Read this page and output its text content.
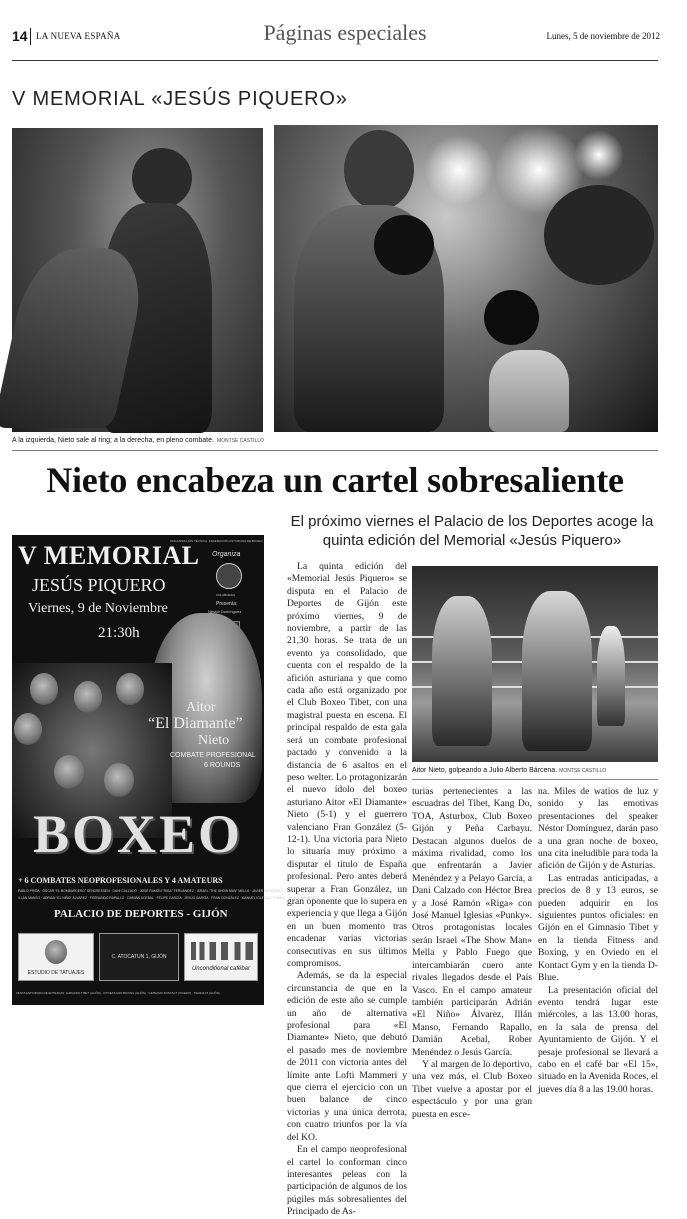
14 LA NUEVA ESPAÑA	Páginas especiales	Lunes, 5 de noviembre de 2012
V MEMORIAL «JESÚS PIQUERO»
A la izquierda, Nieto sale al ring; a la derecha, en pleno combate. MONTSE CASTILLO
Nieto encabeza un cartel sobresaliente
El próximo viernes el Palacio de los Deportes acoge la quinta edición del Memorial «Jesús Piquero»
V MEMORIAL
JESÚS PIQUERO
Viernes, 9 de Noviembre
21:30h
ORGANIZACIÓN TÉCNICA: FEDERACIÓN ASTURIANA DE BOXEO
Organiza
COLABORAN
Presenta:
Néstor Domínguez
Aitor
“El Diamante”
Nieto
COMBATE PROFESIONAL
6 ROUNDS
BOXEO
+ 6 COMBATES NEOPROFESIONALES Y 4 AMATEURS
PABLO PRIDA · ÓSCAR “EL BOMBARDERO” SENDRESSEN · DANI CALZADO · JOSÉ RAMÓN “RIGA” FERNÁNDEZ · ISRAEL “THE SHOW MAN” MELLA · JAVIER MENÉNDEZ
ILLÁN MANSO · ADRIÁN “EL NIÑO” ÁLVAREZ · FERNANDO RAPALLO · DAMIÁN ACEBAL · FELIPE GARCÍA · JESÚS GARCÍA · FRAN GONZÁLEZ · MANUEL IGLESIAS “PUNKY” · JORGE MENÉNDEZ
PALACIO DE DEPORTES - GIJÓN
ESTUDIO DE TATUAJES
C. ATOCATUN 1, GIJÓN
Unconditional cafébar
VENTA ANTICIPADA DE ENTRADAS: GIMNASIO TIBET (GIJÓN) · FITNESS AND BOXING (GIJÓN) · GIMNASIO KONTACT (OVIEDO) · TIENDA 15 (GIJÓN)
Aitor Nieto, golpeando a Julio Alberto Bárcena. MONTSE CASTILLO

La quinta edición del «Memorial Jesús Piquero» se disputa en el Palacio de Deportes de Gijón este próximo viernes, 9 de noviembre, a partir de las 21,30 horas. Se trata de un evento ya consolidado, que cuenta con el respaldo de la afición asturiana y que como cada año está organizado por el Club Boxeo Tibet, con una magistral puesta en escena. El principal respaldo de esta gala será un combate profesional pactado y convenido a la distancia de 6 asaltos en el peso welter. Lo protagonizarán el nuevo ídolo del boxeo asturiano Aitor «El Diamante» Nieto (5-1) y el guerrero valenciano Fran González (5-12-1). Una victoria para Nieto lo situaría muy próximo a disputar el título de España profesional. Pero antes deberá superar a Fran González, un gran oponente que lo supera en experiencia y que llega a Gijón en un buen momento tras encadenar varias victorias consecutivas en sus últimos compromisos.

Además, se da la especial circunstancia de que en la edición de este año se cumple un año de alternativa profesional para «El Diamante» Nieto, que debutó el pasado mes de noviembre de 2011 con victoria antes del límite ante Lofti Mammeri y que cierra el ejercicio con un buen balance de cinco victorias y una única derrota, con cuatro triunfos por la vía del KO.

En el campo neoprofesional el cartel lo conforman cinco interesantes peleas con la participación de algunos de los púgiles más sobresalientes del Principado de As-

turias pertenecientes a las escuadras del Tibet, Kang Do, TOA, Asturbox, Club Boxeo Gijón y Peña Carbayu. Destacan algunos duelos de máxima rivalidad, como los que enfrentarán a Javier Menéndez y a Pelayo García, a Dani Calzado con Héctor Brea y a José Ramón «Riga» con José Manuel Iglesias «Punky». Otros protagonistas locales serán Israel «The Show Man» Mella y Pablo Fuego que intercambiarán cuero ante rivales llegados desde el País Vasco. En el campo amateur también participarán Adrián «El Niño» Álvarez, Illán Manso, Fernando Rapallo, Damián Acebal, Rober Menéndez o Jesús García.

Y al margen de lo deportivo, una vez más, el Club Boxeo Tibet vuelve a apostar por el espectáculo y por una gran puesta en esce-

na. Miles de watios de luz y sonido y las emotivas presentaciones del speaker Néstor Domínguez, darán paso a una gran noche de boxeo, una cita ineludible para toda la afición de Gijón y de Asturias.

Las entradas anticipadas, a precios de 8 y 13 euros, se pueden adquirir en los siguientes puntos oficiales: en Gijón en el Gimnasio Tibet y en la tienda Fitness and Boxing, y en Oviedo en el Kontact Gym y en la tienda D-Blue.

La presentación oficial del evento tendrá lugar este miércoles, a las 13.00 horas, en la sala de prensa del Ayuntamiento de Gijón. Y el pesaje profesional se llevará a cabo en el café bar «El 15», situado en la Avenida Roces, el jueves día 8 a las 19.00 horas.
